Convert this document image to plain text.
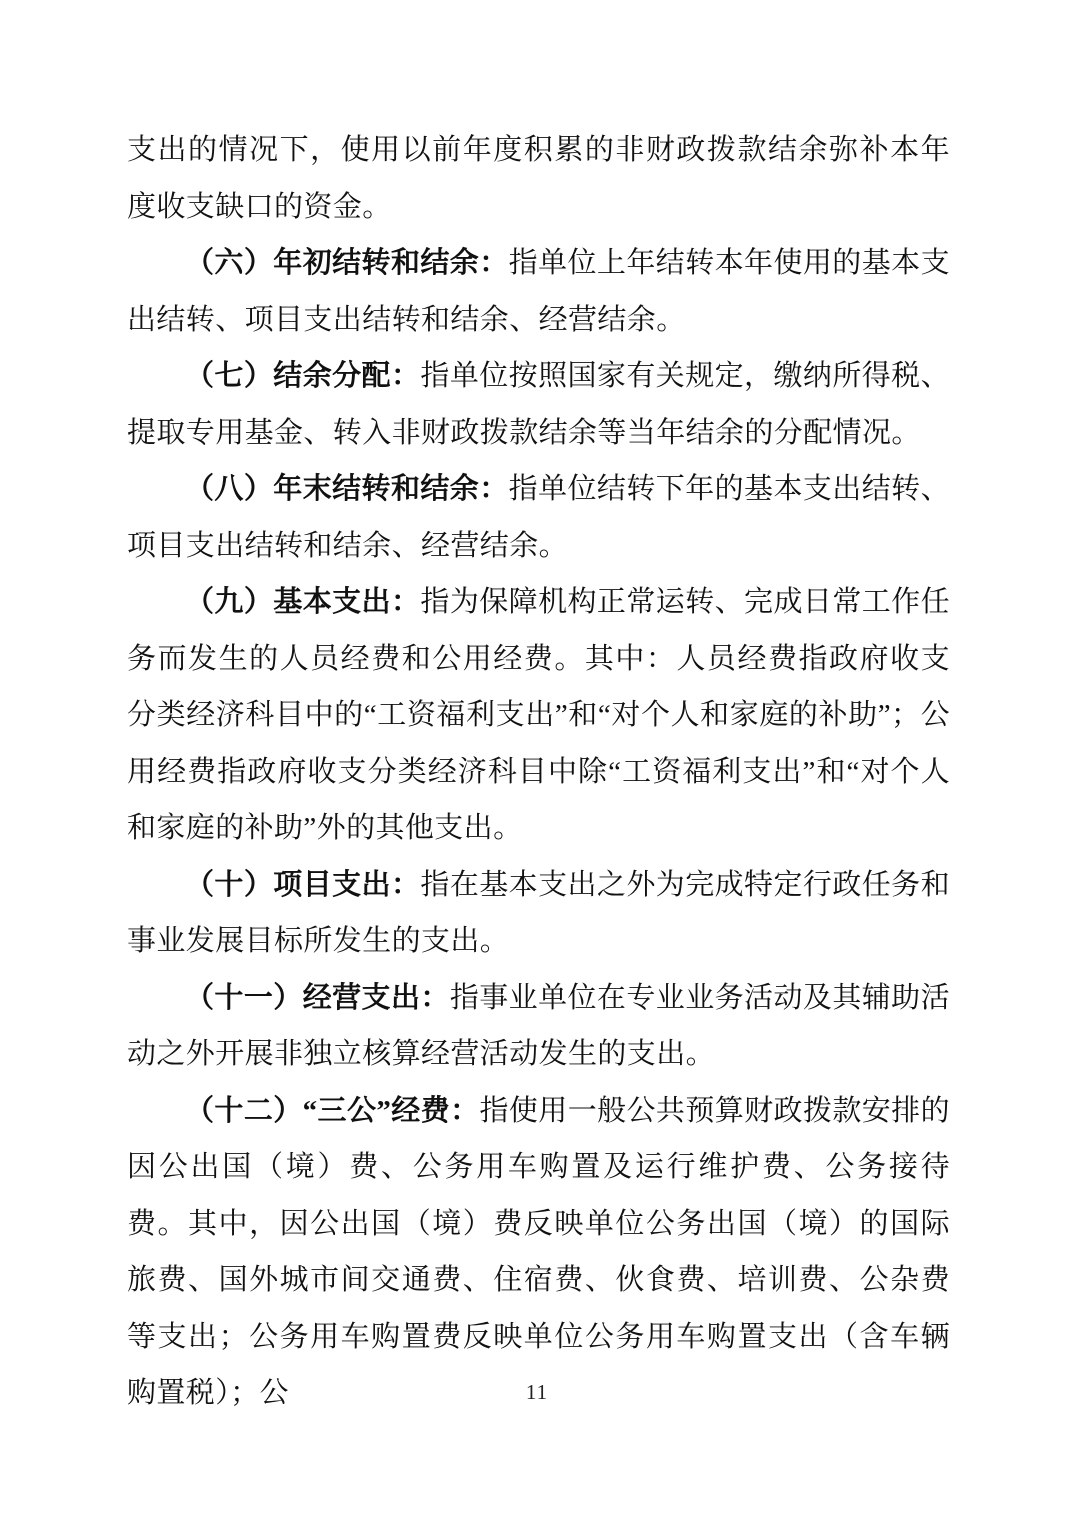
支出的情况下，使用以前年度积累的非财政拨款结余弥补本年度收支缺口的资金。

（六）年初结转和结余：指单位上年结转本年使用的基本支出结转、项目支出结转和结余、经营结余。

（七）结余分配：指单位按照国家有关规定，缴纳所得税、提取专用基金、转入非财政拨款结余等当年结余的分配情况。

（八）年末结转和结余：指单位结转下年的基本支出结转、项目支出结转和结余、经营结余。

（九）基本支出：指为保障机构正常运转、完成日常工作任务而发生的人员经费和公用经费。其中：人员经费指政府收支分类经济科目中的“工资福利支出”和“对个人和家庭的补助”；公用经费指政府收支分类经济科目中除“工资福利支出”和“对个人和家庭的补助”外的其他支出。

（十）项目支出：指在基本支出之外为完成特定行政任务和事业发展目标所发生的支出。

（十一）经营支出：指事业单位在专业业务活动及其辅助活动之外开展非独立核算经营活动发生的支出。

（十二）“三公”经费：指使用一般公共预算财政拨款安排的因公出国（境）费、公务用车购置及运行维护费、公务接待费。其中，因公出国（境）费反映单位公务出国（境）的国际旅费、国外城市间交通费、住宿费、伙食费、培训费、公杂费等支出；公务用车购置费反映单位公务用车购置支出（含车辆购置税）；公	11
